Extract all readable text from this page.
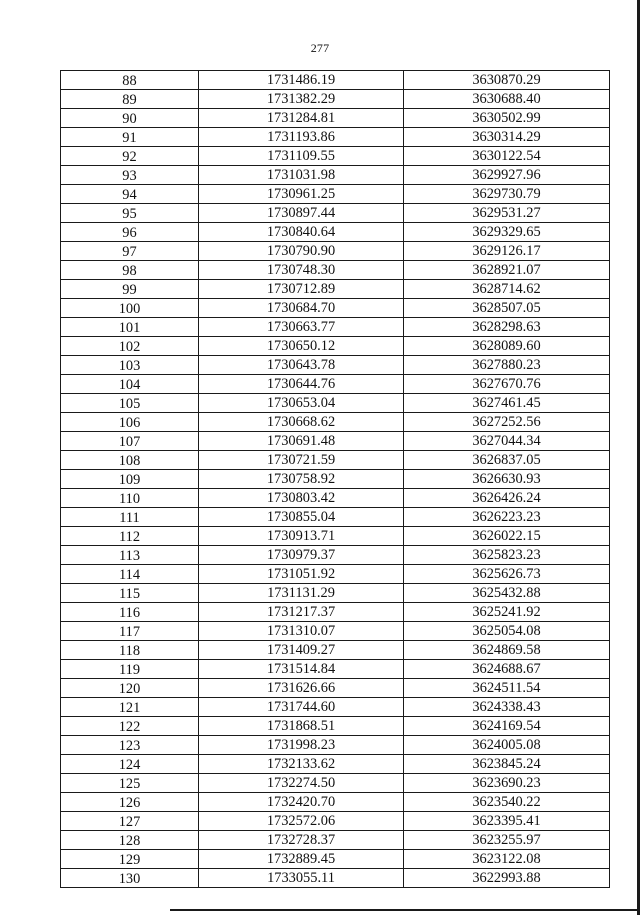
277
88	1731486.19	3630870.29
89	1731382.29	3630688.40
90	1731284.81	3630502.99
91	1731193.86	3630314.29
92	1731109.55	3630122.54
93	1731031.98	3629927.96
94	1730961.25	3629730.79
95	1730897.44	3629531.27
96	1730840.64	3629329.65
97	1730790.90	3629126.17
98	1730748.30	3628921.07
99	1730712.89	3628714.62
100	1730684.70	3628507.05
101	1730663.77	3628298.63
102	1730650.12	3628089.60
103	1730643.78	3627880.23
104	1730644.76	3627670.76
105	1730653.04	3627461.45
106	1730668.62	3627252.56
107	1730691.48	3627044.34
108	1730721.59	3626837.05
109	1730758.92	3626630.93
110	1730803.42	3626426.24
111	1730855.04	3626223.23
112	1730913.71	3626022.15
113	1730979.37	3625823.23
114	1731051.92	3625626.73
115	1731131.29	3625432.88
116	1731217.37	3625241.92
117	1731310.07	3625054.08
118	1731409.27	3624869.58
119	1731514.84	3624688.67
120	1731626.66	3624511.54
121	1731744.60	3624338.43
122	1731868.51	3624169.54
123	1731998.23	3624005.08
124	1732133.62	3623845.24
125	1732274.50	3623690.23
126	1732420.70	3623540.22
127	1732572.06	3623395.41
128	1732728.37	3623255.97
129	1732889.45	3623122.08
130	1733055.11	3622993.88
